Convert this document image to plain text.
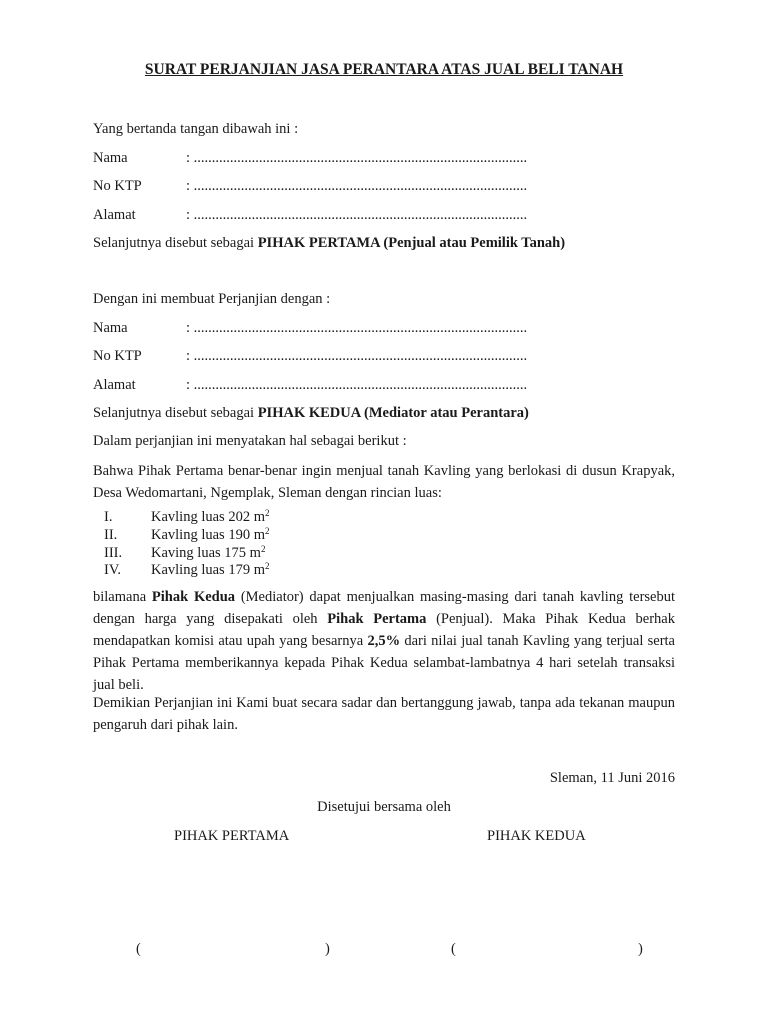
SURAT PERJANJIAN JASA PERANTARA ATAS JUAL BELI TANAH
Yang bertanda tangan dibawah ini :
Nama	: ............................................................................................
No KTP	: ............................................................................................
Alamat	: ............................................................................................
Selanjutnya disebut sebagai PIHAK PERTAMA (Penjual atau Pemilik Tanah)
Dengan ini membuat Perjanjian dengan :
Nama	: ............................................................................................
No KTP	: ............................................................................................
Alamat	: ............................................................................................
Selanjutnya disebut sebagai PIHAK KEDUA (Mediator atau Perantara)
Dalam perjanjian ini menyatakan hal sebagai berikut :
Bahwa Pihak Pertama benar-benar ingin menjual tanah Kavling yang berlokasi di dusun Krapyak, Desa Wedomartani, Ngemplak, Sleman dengan rincian luas:
I.	Kavling luas 202 $m^2$
II. Kavling luas 190 $m^2$
III. Kaving luas 175 $m^2$
IV. Kavling luas 179 $m^2$
bilamana Pihak Kedua (Mediator) dapat menjualkan masing-masing dari tanah kavling tersebut dengan harga yang disepakati oleh Pihak Pertama (Penjual). Maka Pihak Kedua berhak mendapatkan komisi atau upah yang besarnya 2,5% dari nilai jual tanah Kavling yang terjual serta Pihak Pertama memberikannya kepada Pihak Kedua selambat-lambatnya 4 hari setelah transaksi jual beli.
Demikian Perjanjian ini Kami buat secara sadar dan bertanggung jawab, tanpa ada tekanan maupun pengaruh dari pihak lain.
Sleman, 11 Juni 2016
Disetujui bersama oleh
PIHAK PERTAMA	PIHAK KEDUA
(	)	(	)
